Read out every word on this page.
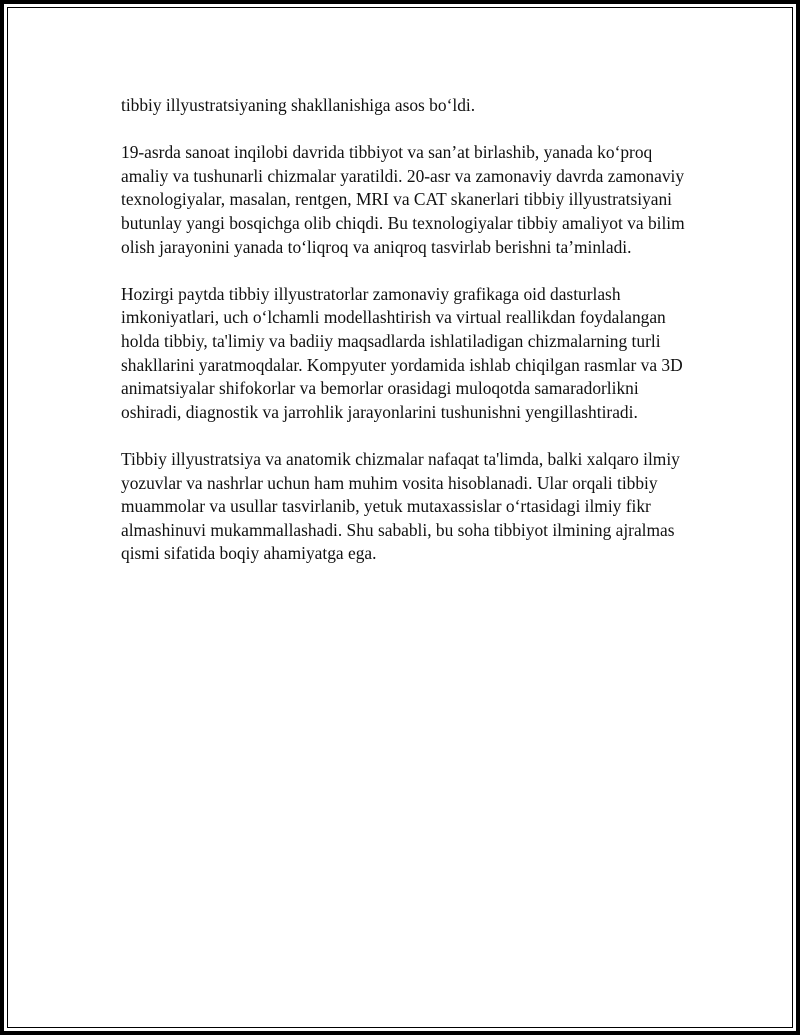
tibbiy illyustratsiyaning shakllanishiga asos bo‘ldi.

19-asrda sanoat inqilobi davrida tibbiyot va san’at birlashib, yanada ko‘proq amaliy va tushunarli chizmalar yaratildi. 20-asr va zamonaviy davrda zamonaviy texnologiyalar, masalan, rentgen, MRI va CAT skanerlari tibbiy illyustratsiyani butunlay yangi bosqichga olib chiqdi. Bu texnologiyalar tibbiy amaliyot va bilim olish jarayonini yanada to‘liqroq va aniqroq tasvirlab berishni ta’minladi.

Hozirgi paytda tibbiy illyustratorlar zamonaviy grafikaga oid dasturlash imkoniyatlari, uch o‘lchamli modellashtirish va virtual reallikdan foydalangan holda tibbiy, ta'limiy va badiiy maqsadlarda ishlatiladigan chizmalarning turli shakllarini yaratmoqdalar. Kompyuter yordamida ishlab chiqilgan rasmlar va 3D animatsiyalar shifokorlar va bemorlar orasidagi muloqotda samaradorlikni oshiradi, diagnostik va jarrohlik jarayonlarini tushunishni yengillashtiradi.

Tibbiy illyustratsiya va anatomik chizmalar nafaqat ta'limda, balki xalqaro ilmiy yozuvlar va nashrlar uchun ham muhim vosita hisoblanadi. Ular orqali tibbiy muammolar va usullar tasvirlanib, yetuk mutaxassislar o‘rtasidagi ilmiy fikr almashinuvi mukammallashadi. Shu sababli, bu soha tibbiyot ilmining ajralmas qismi sifatida boqiy ahamiyatga ega.
